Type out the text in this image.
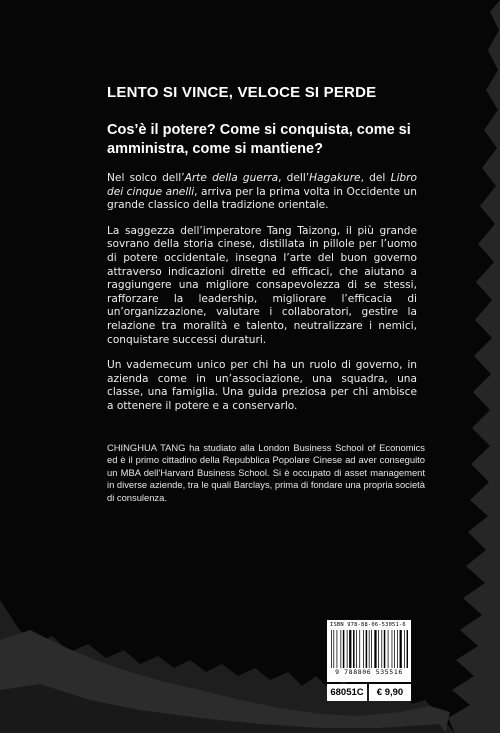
LENTO SI VINCE, VELOCE SI PERDE

Cos’è il potere? Come si conquista, come si amministra, come si mantiene?

Nel solco dell’Arte della guerra, dell’Hagakure, del Libro dei cinque anelli, arriva per la prima volta in Occidente un grande classico della tradizione orientale.

La saggezza dell’imperatore Tang Taizong, il più grande sovrano della storia cinese, distillata in pillole per l’uomo di potere occidentale, insegna l’arte del buon governo attraverso indicazioni dirette ed efficaci, che aiutano a raggiungere una migliore consapevolezza di se stessi, rafforzare la leadership, migliorare l’efficacia di un’organizzazione, valutare i collaboratori, gestire la relazione tra moralità e talento, neutralizzare i nemici, conquistare successi duraturi.

Un vademecum unico per chi ha un ruolo di governo, in azienda come in un’associazione, una squadra, una classe, una famiglia. Una guida preziosa per chi ambisce a ottenere il potere e a conservarlo.

CHINGHUA TANG ha studiato alla London Business School of Economics ed è il primo cittadino della Repubblica Popolare Cinese ad aver conseguito un MBA dell’Harvard Business School. Si è occupato di asset management in diverse aziende, tra le quali Barclays, prima di fondare una propria società di consulenza.

ISBN 978-88-06-53051-6
9 788806 535516
68051C	€ 9,90
